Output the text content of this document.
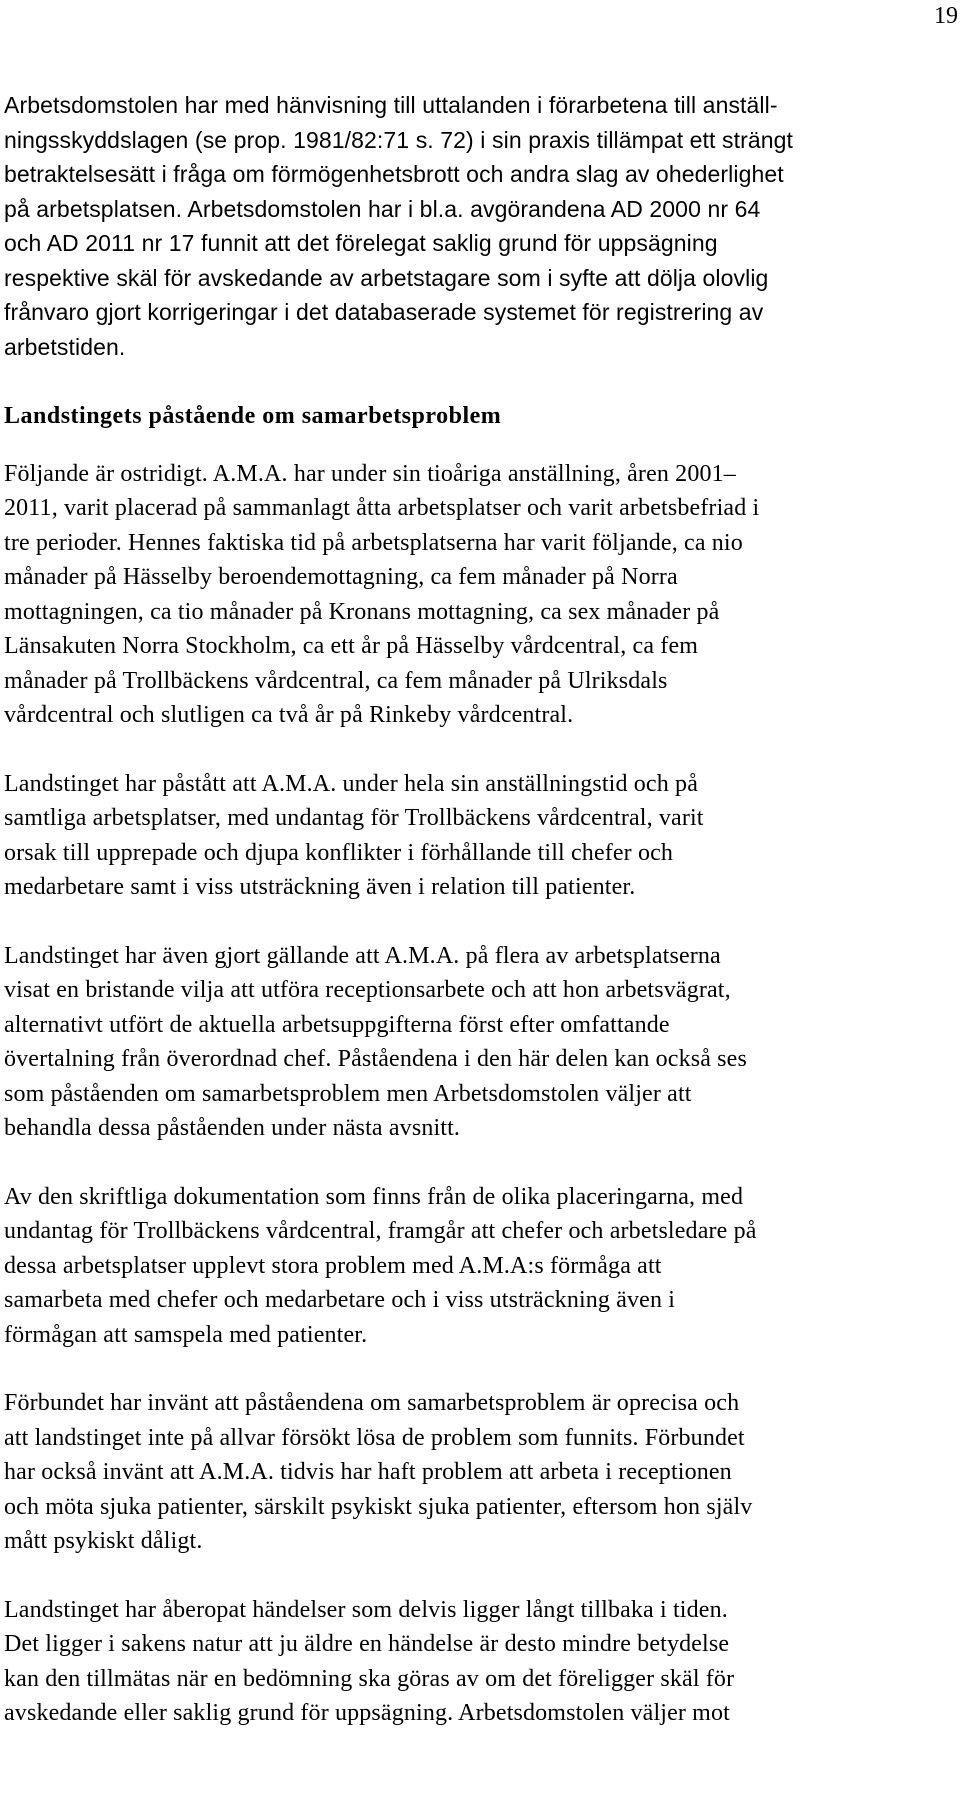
19

Arbetsdomstolen har med hänvisning till uttalanden i förarbetena till anställ-
ningsskyddslagen (se prop. 1981/82:71 s. 72) i sin praxis tillämpat ett strängt
betraktelsesätt i fråga om förmögenhetsbrott och andra slag av ohederlighet
på arbetsplatsen. Arbetsdomstolen har i bl.a. avgörandena AD 2000 nr 64
och AD 2011 nr 17 funnit att det förelegat saklig grund för uppsägning
respektive skäl för avskedande av arbetstagare som i syfte att dölja olovlig
frånvaro gjort korrigeringar i det databaserade systemet för registrering av
arbetstiden.

Landstingets påstående om samarbetsproblem

Följande är ostridigt. A.M.A. har under sin tioåriga anställning, åren 2001–
2011, varit placerad på sammanlagt åtta arbetsplatser och varit arbetsbefriad i
tre perioder. Hennes faktiska tid på arbetsplatserna har varit följande, ca nio
månader på Hässelby beroendemottagning, ca fem månader på Norra
mottagningen, ca tio månader på Kronans mottagning, ca sex månader på
Länsakuten Norra Stockholm, ca ett år på Hässelby vårdcentral, ca fem
månader på Trollbäckens vårdcentral, ca fem månader på Ulriksdals
vårdcentral och slutligen ca två år på Rinkeby vårdcentral.

Landstinget har påstått att A.M.A. under hela sin anställningstid och på
samtliga arbetsplatser, med undantag för Trollbäckens vårdcentral, varit
orsak till upprepade och djupa konflikter i förhållande till chefer och
medarbetare samt i viss utsträckning även i relation till patienter.

Landstinget har även gjort gällande att A.M.A. på flera av arbetsplatserna
visat en bristande vilja att utföra receptionsarbete och att hon arbetsvägrat,
alternativt utfört de aktuella arbetsuppgifterna först efter omfattande
övertalning från överordnad chef. Påståendena i den här delen kan också ses
som påståenden om samarbetsproblem men Arbetsdomstolen väljer att
behandla dessa påståenden under nästa avsnitt.

Av den skriftliga dokumentation som finns från de olika placeringarna, med
undantag för Trollbäckens vårdcentral, framgår att chefer och arbetsledare på
dessa arbetsplatser upplevt stora problem med A.M.A:s förmåga att
samarbeta med chefer och medarbetare och i viss utsträckning även i
förmågan att samspela med patienter.

Förbundet har invänt att påståendena om samarbetsproblem är oprecisa och
att landstinget inte på allvar försökt lösa de problem som funnits. Förbundet
har också invänt att A.M.A. tidvis har haft problem att arbeta i receptionen
och möta sjuka patienter, särskilt psykiskt sjuka patienter, eftersom hon själv
mått psykiskt dåligt.

Landstinget har åberopat händelser som delvis ligger långt tillbaka i tiden.
Det ligger i sakens natur att ju äldre en händelse är desto mindre betydelse
kan den tillmätas när en bedömning ska göras av om det föreligger skäl för
avskedande eller saklig grund för uppsägning. Arbetsdomstolen väljer mot
